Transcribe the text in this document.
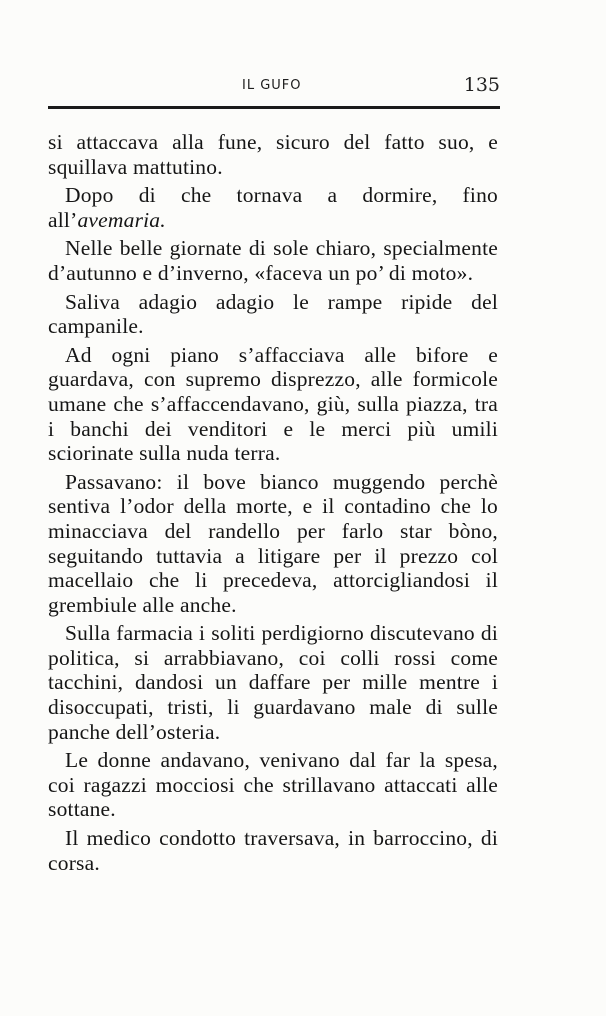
IL GUFO	135

si attaccava alla fune, sicuro del fatto suo, e squillava mattutino.

Dopo di che tornava a dormire, fino all’avemaria.

Nelle belle giornate di sole chiaro, specialmente d’autunno e d’inverno, «faceva un po’ di moto».

Saliva adagio adagio le rampe ripide del campanile.

Ad ogni piano s’affacciava alle bifore e guardava, con supremo disprezzo, alle formicole umane che s’affaccendavano, giù, sulla piazza, tra i banchi dei venditori e le merci più umili sciorinate sulla nuda terra.

Passavano: il bove bianco muggendo perchè sentiva l’odor della morte, e il contadino che lo minacciava del randello per farlo star bòno, seguitando tuttavia a litigare per il prezzo col macellaio che li precedeva, attorcigliandosi il grembiule alle anche.

Sulla farmacia i soliti perdigiorno discutevano di politica, si arrabbiavano, coi colli rossi come tacchini, dandosi un daffare per mille mentre i disoccupati, tristi, li guardavano male di sulle panche dell’osteria.

Le donne andavano, venivano dal far la spesa, coi ragazzi mocciosi che strillavano attaccati alle sottane.

Il medico condotto traversava, in barroccino, di corsa.
